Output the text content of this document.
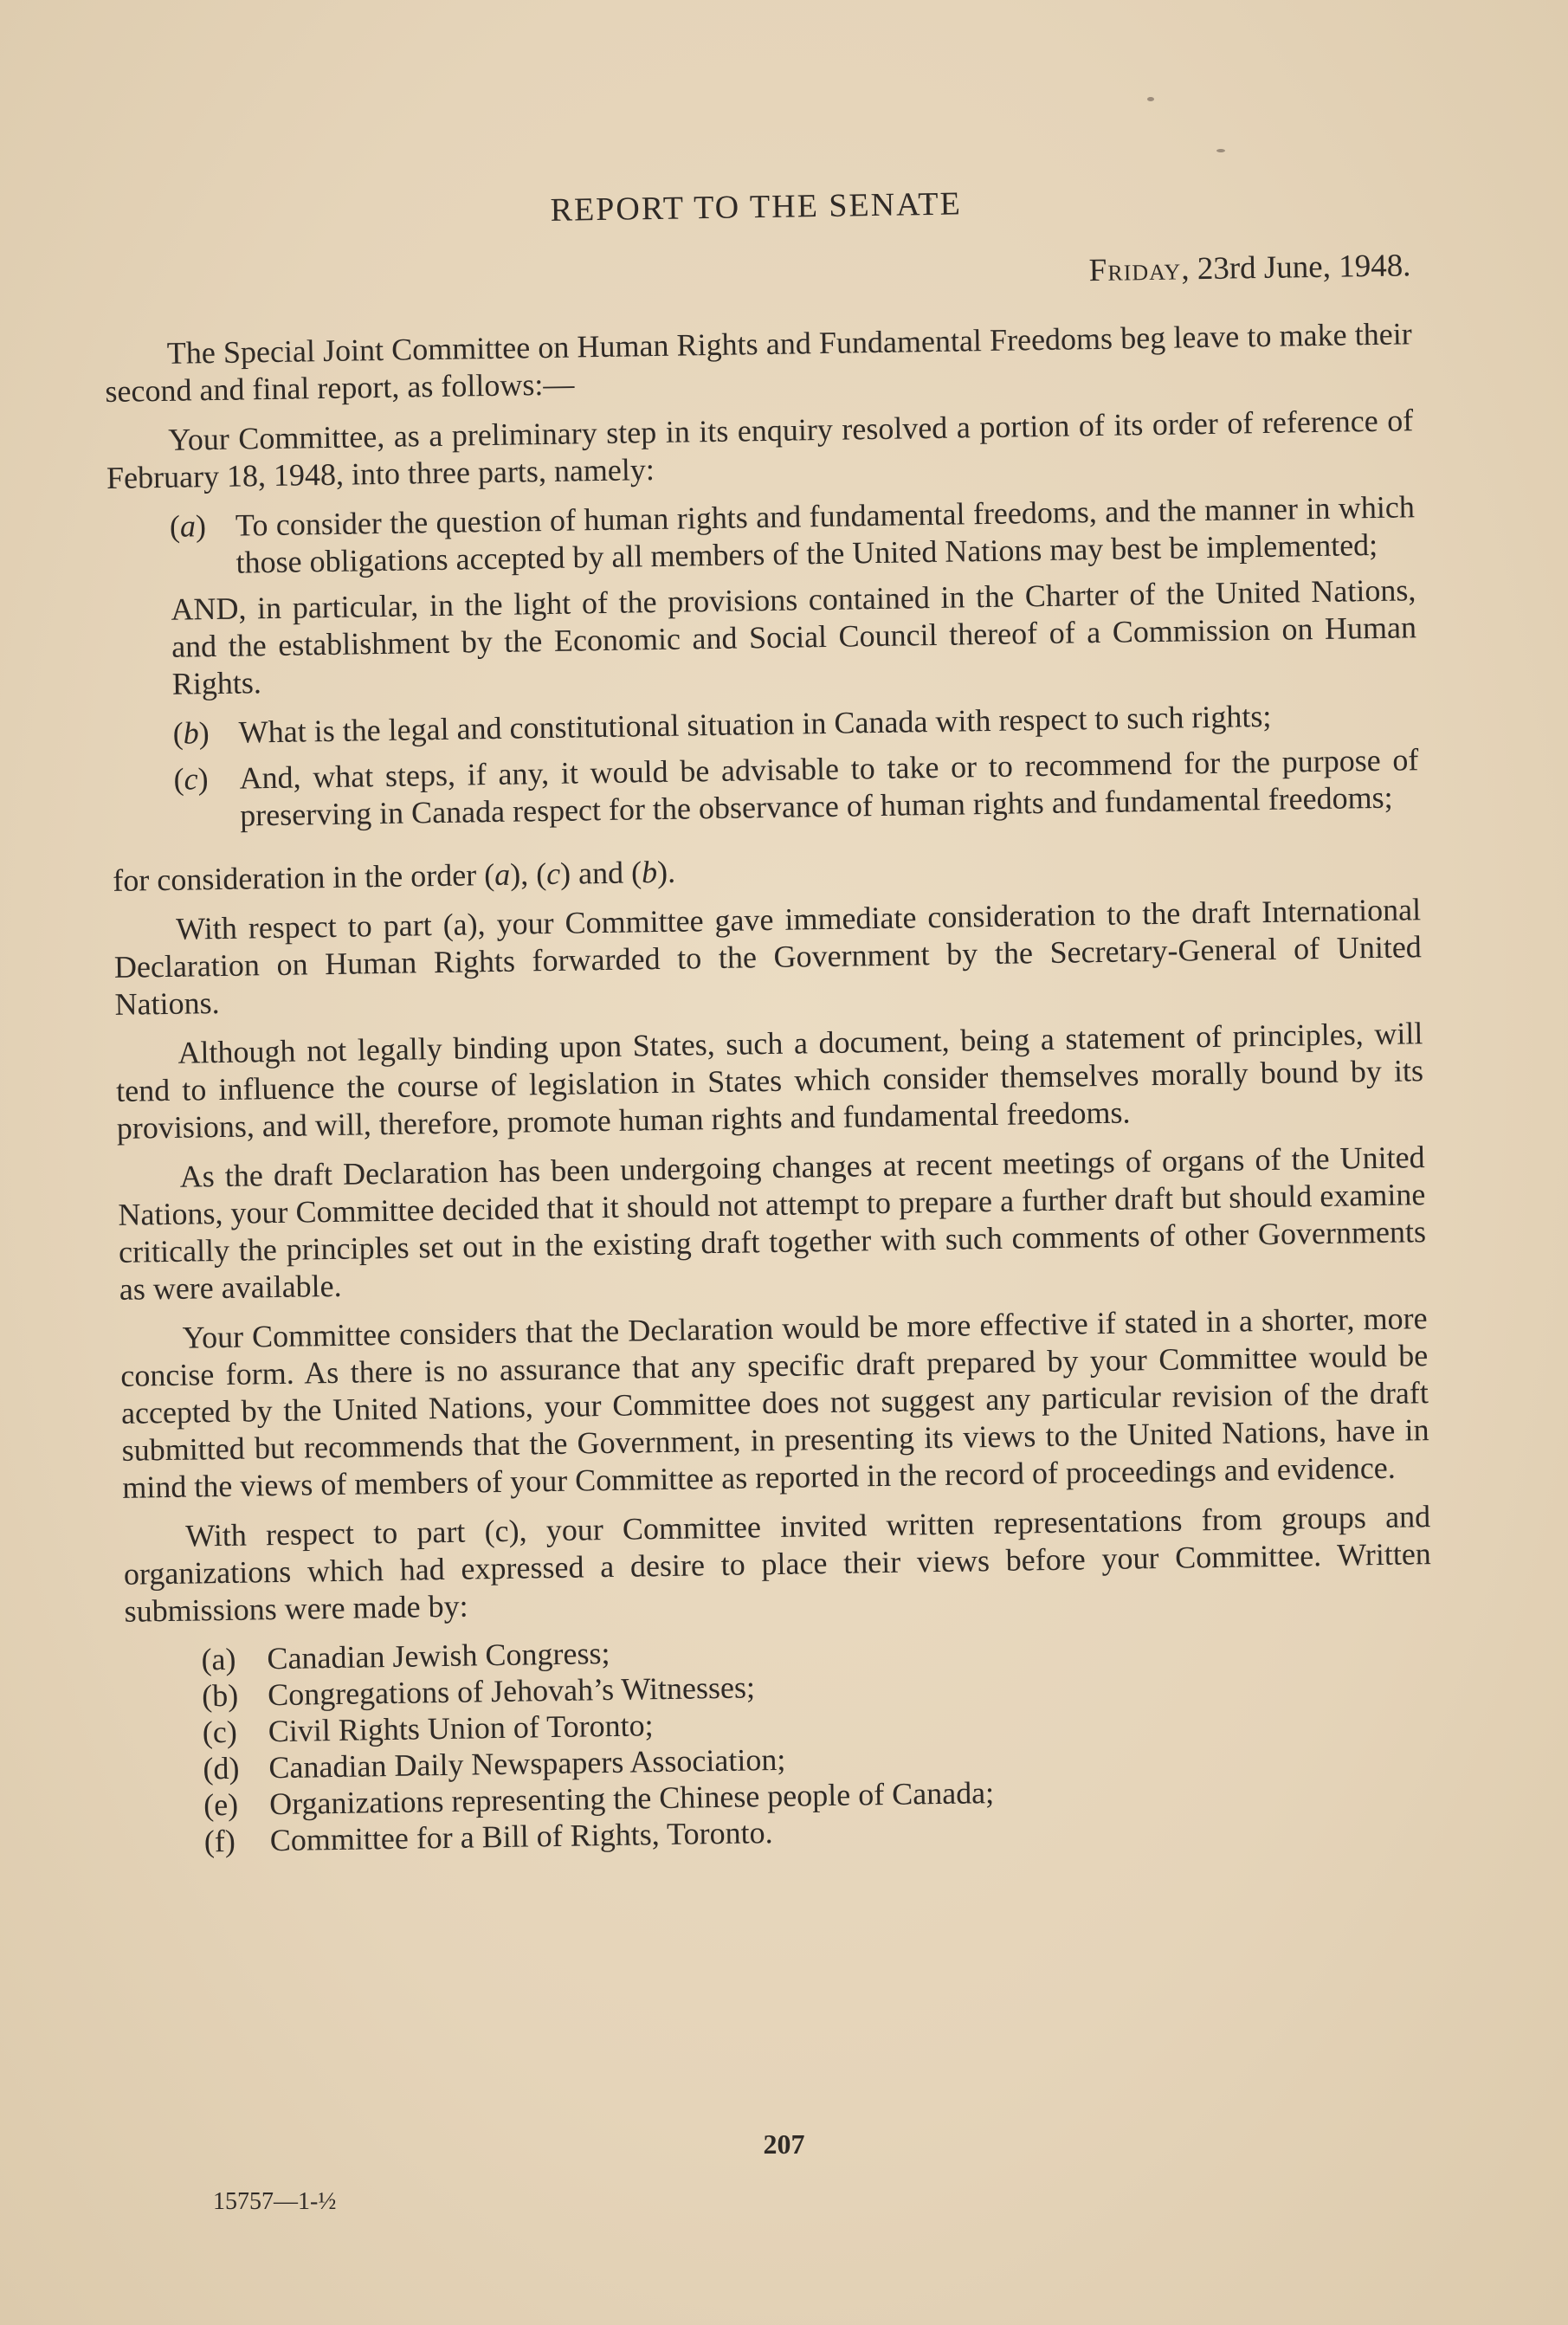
REPORT TO THE SENATE
Friday, 23rd June, 1948.

The Special Joint Committee on Human Rights and Fundamental Freedoms beg leave to make their second and final report, as follows:—

Your Committee, as a preliminary step in its enquiry resolved a portion of its order of reference of February 18, 1948, into three parts, namely:

(a) To consider the question of human rights and fundamental freedoms, and the manner in which those obligations accepted by all members of the United Nations may best be implemented;

AND, in particular, in the light of the provisions contained in the Charter of the United Nations, and the establishment by the Economic and Social Council thereof of a Commission on Human Rights.

(b) What is the legal and constitutional situation in Canada with respect to such rights;
(c) And, what steps, if any, it would be advisable to take or to recommend for the purpose of preserving in Canada respect for the observance of human rights and fundamental freedoms;

for consideration in the order (a), (c) and (b).

With respect to part (a), your Committee gave immediate consideration to the draft International Declaration on Human Rights forwarded to the Government by the Secretary-General of United Nations.

Although not legally binding upon States, such a document, being a statement of principles, will tend to influence the course of legislation in States which consider themselves morally bound by its provisions, and will, therefore, promote human rights and fundamental freedoms.

As the draft Declaration has been undergoing changes at recent meetings of organs of the United Nations, your Committee decided that it should not attempt to prepare a further draft but should examine critically the principles set out in the existing draft together with such comments of other Governments as were available.

Your Committee considers that the Declaration would be more effective if stated in a shorter, more concise form. As there is no assurance that any specific draft prepared by your Committee would be accepted by the United Nations, your Committee does not suggest any particular revision of the draft submitted but recommends that the Government, in presenting its views to the United Nations, have in mind the views of members of your Committee as reported in the record of proceedings and evidence.

With respect to part (c), your Committee invited written representations from groups and organizations which had expressed a desire to place their views before your Committee. Written submissions were made by:

(a) Canadian Jewish Congress;
(b) Congregations of Jehovah’s Witnesses;
(c) Civil Rights Union of Toronto;
(d) Canadian Daily Newspapers Association;
(e) Organizations representing the Chinese people of Canada;
(f)	Committee for a Bill of Rights, Toronto.
207
15757—1-½
